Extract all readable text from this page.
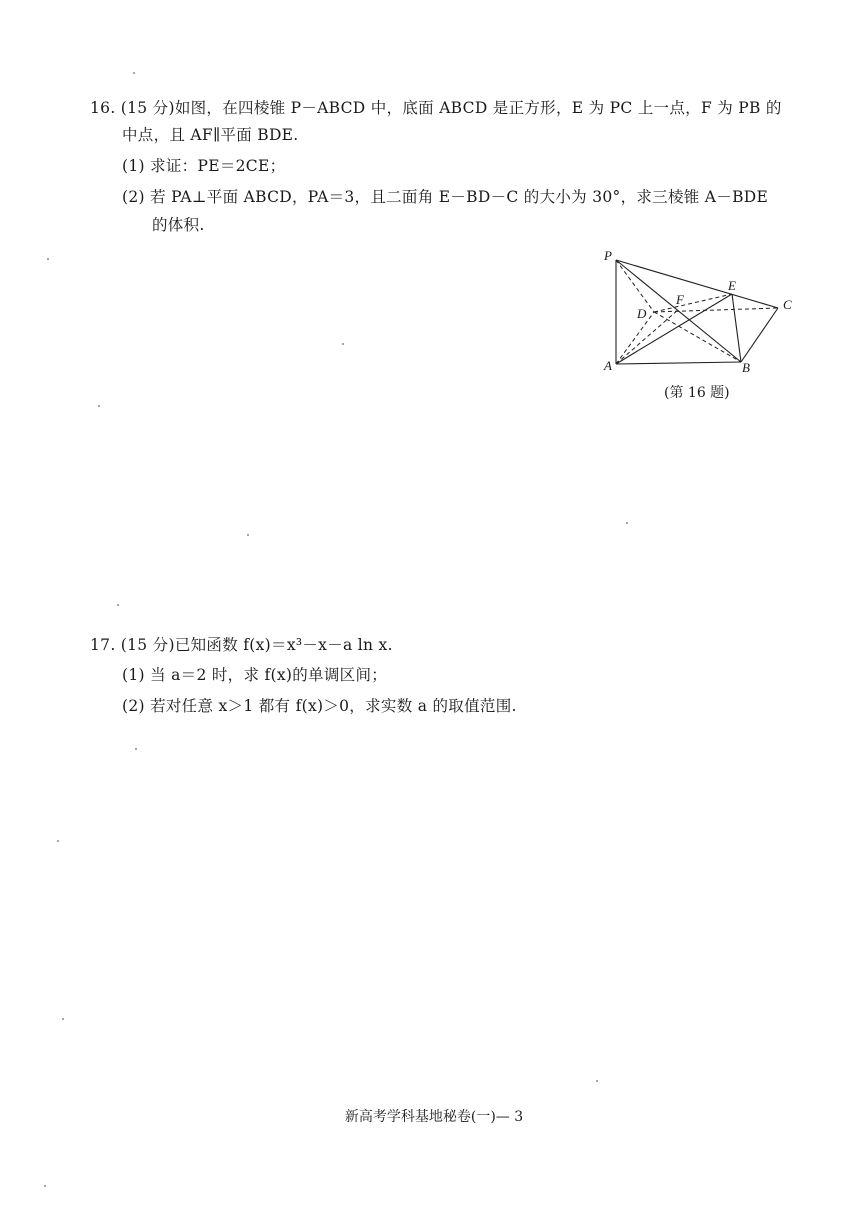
16. (15 分)如图，在四棱锥 P－ABCD 中，底面 ABCD 是正方形，E 为 PC 上一点，F 为 PB 的
中点，且 AF∥平面 BDE.
(1) 求证：PE＝2CE；
(2) 若 PA⊥平面 ABCD，PA＝3，且二面角 E－BD－C 的大小为 30°，求三棱锥 A－BDE
的体积.
P
E
F	C
D
A	B
(第 16 题)
17. (15 分)已知函数 f(x)＝x³－x－a ln x.
(1) 当 a＝2 时，求 f(x)的单调区间；
(2) 若对任意 x＞1 都有 f(x)＞0，求实数 a 的取值范围.
新高考学科基地秘卷(一)— 3
